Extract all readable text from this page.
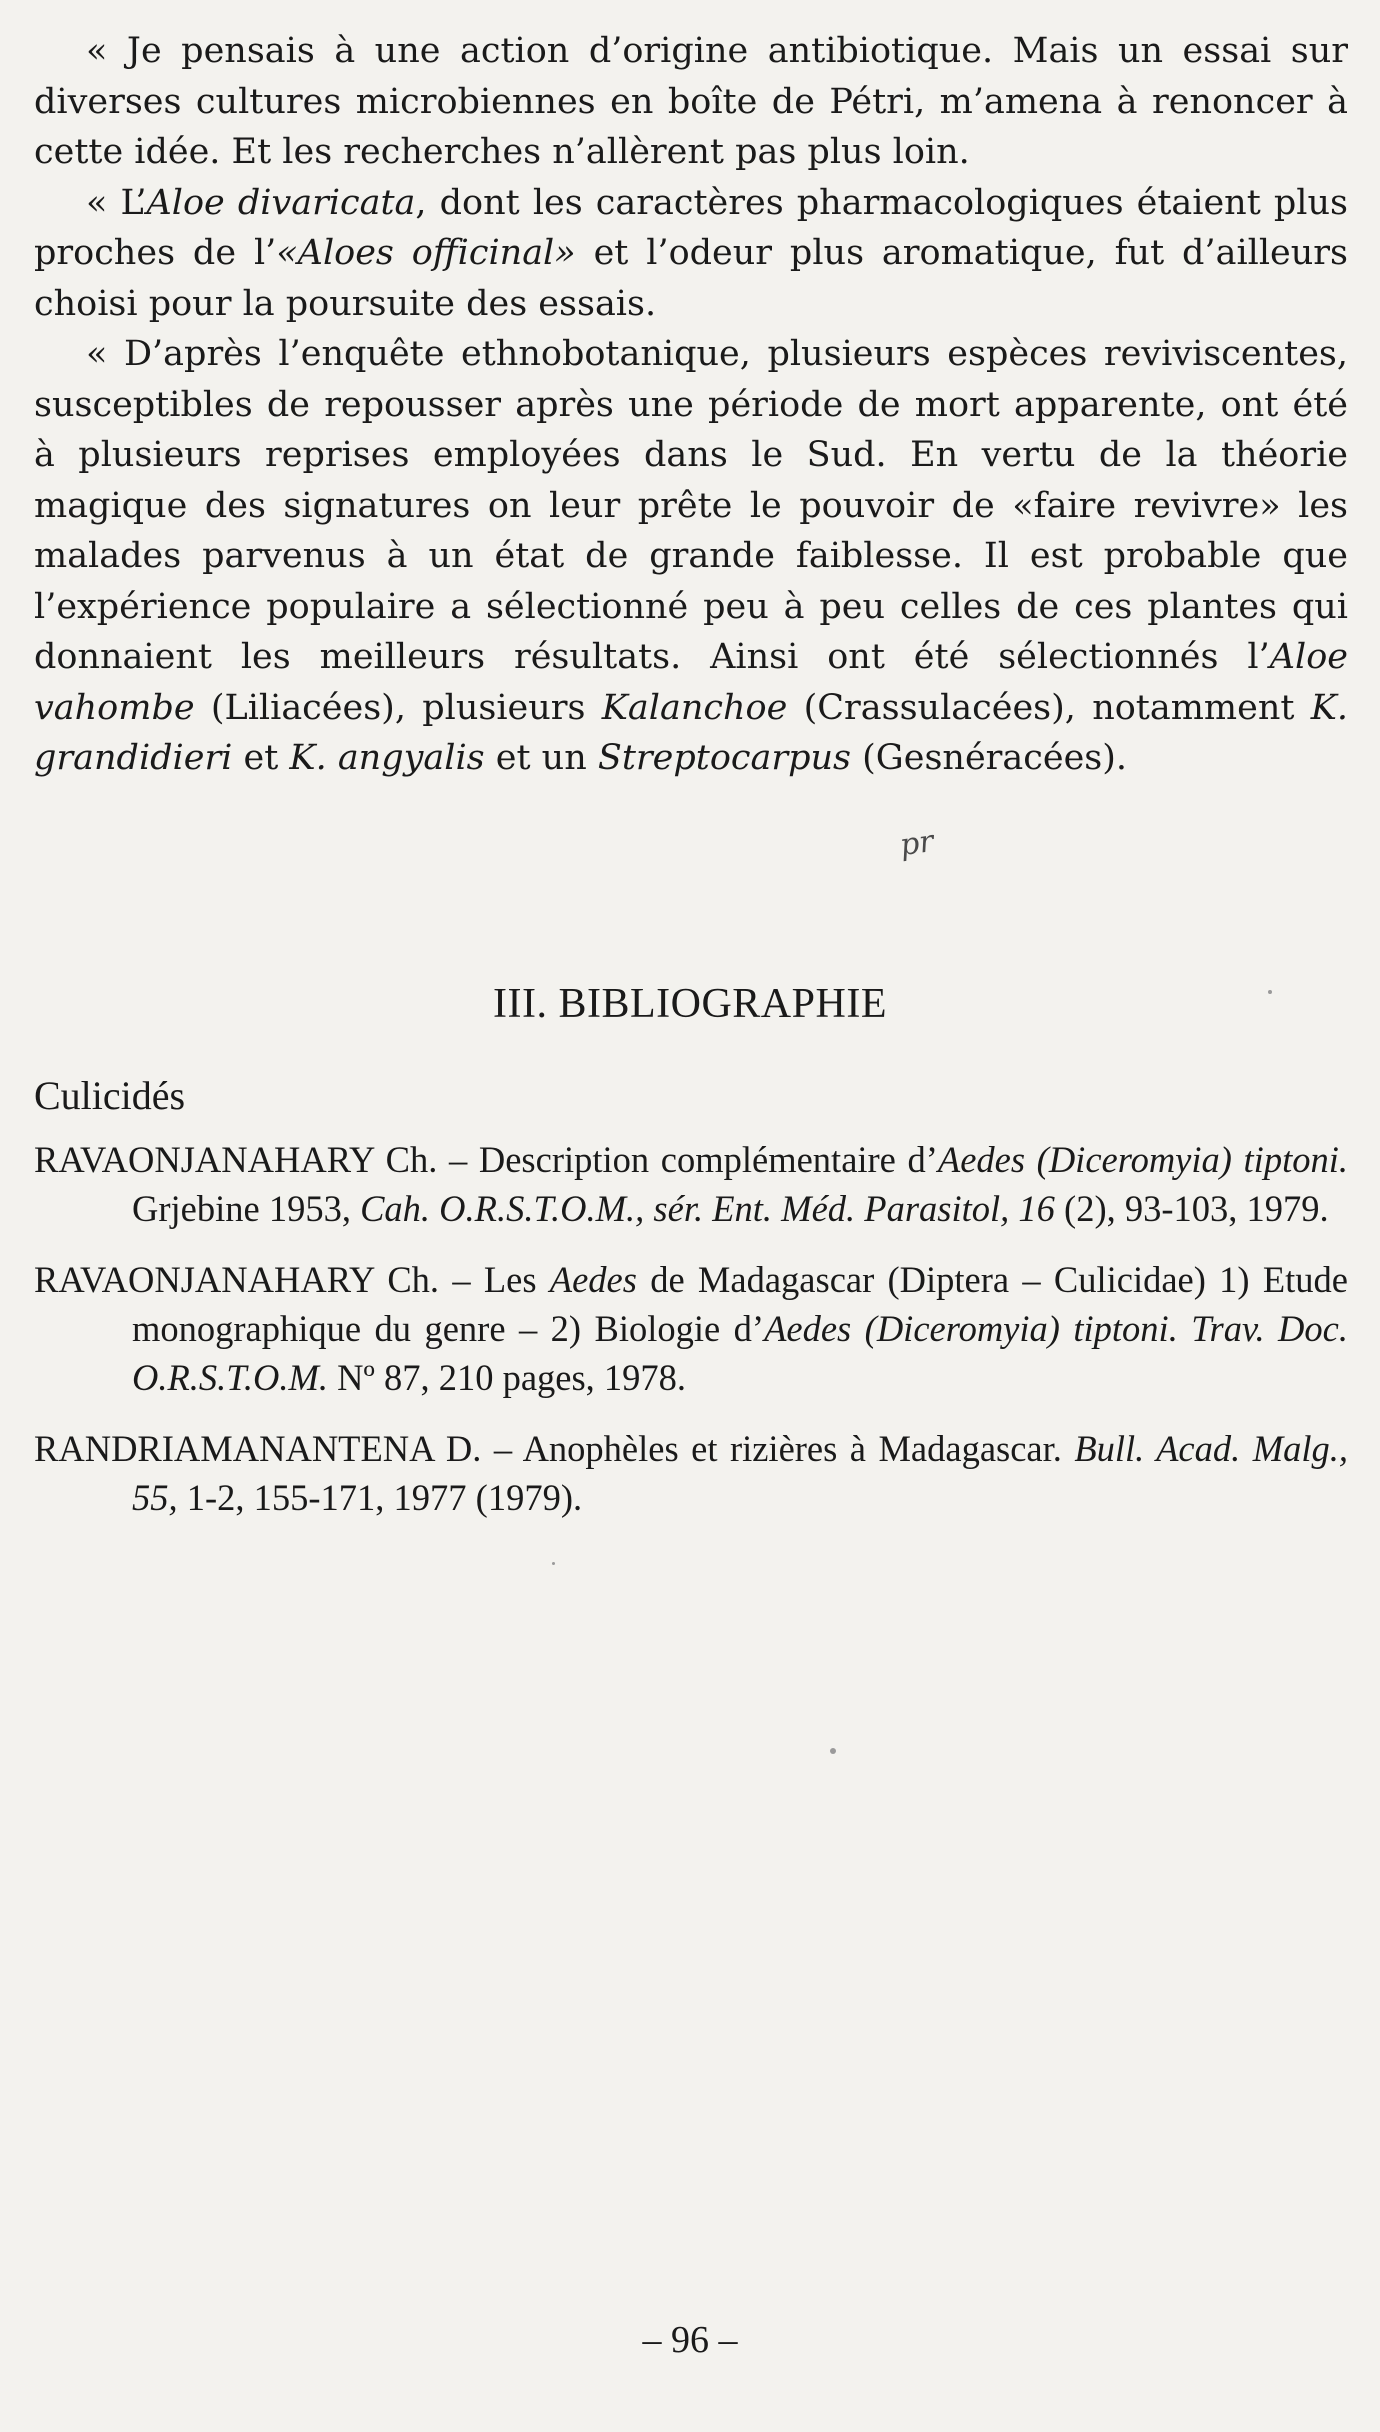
« Je pensais à une action d’origine antibiotique. Mais un essai sur diverses cultures microbiennes en boîte de Pétri, m’amena à renoncer à cette idée. Et les recherches n’allèrent pas plus loin.

« L’Aloe divaricata, dont les caractères pharmacologiques étaient plus proches de l’«Aloes officinal» et l’odeur plus aromatique, fut d’ailleurs choisi pour la poursuite des essais.

« D’après l’enquête ethnobotanique, plusieurs espèces reviviscentes, susceptibles de repousser après une période de mort apparente, ont été à plusieurs reprises employées dans le Sud. En vertu de la théorie magique des signatures on leur prête le pouvoir de «faire revivre» les malades parvenus à un état de grande faiblesse. Il est probable que l’expérience populaire a sélectionné peu à peu celles de ces plantes qui donnaient les meilleurs résultats. Ainsi ont été sélectionnés l’Aloe vahombe (Liliacées), plusieurs Kalanchoe (Crassulacées), notamment K. grandidieri et K. angyalis et un Streptocarpus (Gesnéracées).

pr
III. BIBLIOGRAPHIE
Culicidés

RAVAONJANAHARY Ch. – Description complémentaire d’Aedes (Diceromyia) tiptoni. Grjebine 1953, Cah. O.R.S.T.O.M., sér. Ent. Méd. Parasitol, 16 (2), 93-103, 1979.

RAVAONJANAHARY Ch. – Les Aedes de Madagascar (Diptera – Culicidae) 1) Etude monographique du genre – 2) Biologie d’Aedes (Diceromyia) tiptoni. Trav. Doc. O.R.S.T.O.M. Nº 87, 210 pages, 1978.

RANDRIAMANANTENA D. – Anophèles et rizières à Madagascar. Bull. Acad. Malg., 55, 1-2, 155-171, 1977 (1979).

– 96 –
